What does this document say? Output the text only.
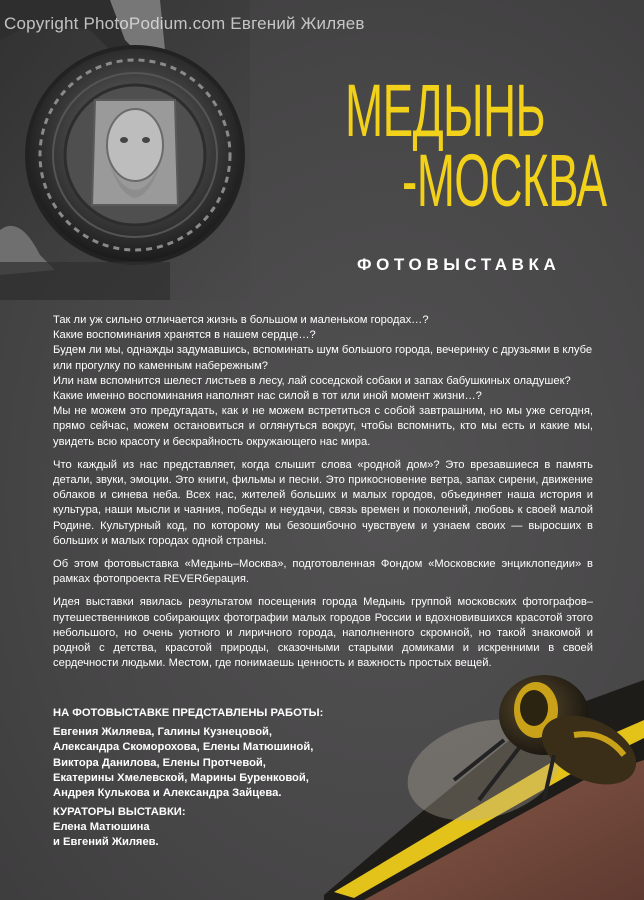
Copyright PhotoPodium.com Евгений Жиляев
МЕДЫНЬ
-МОСКВА
ФОТОВЫСТАВКА

Так ли уж сильно отличается жизнь в большом и маленьком городах…?

Какие воспоминания хранятся в нашем сердце…?

Будем ли мы, однажды задумавшись, вспоминать шум большого города, вечеринку с друзьями в клубе или прогулку по каменным набережным?

Или нам вспомнится шелест листьев в лесу, лай соседской собаки и запах бабушкиных оладушек?

Какие именно воспоминания наполнят нас силой в тот или иной момент жизни…?

Мы не можем это предугадать, как и не можем встретиться с собой завтрашним, но мы уже сегодня, прямо сейчас, можем остановиться и оглянуться вокруг, чтобы вспомнить, кто мы есть и какие мы, увидеть всю красоту и бескрайность окружающего нас мира.

Что каждый из нас представляет, когда слышит слова «родной дом»? Это врезавшиеся в память детали, звуки, эмоции. Это книги, фильмы и песни. Это прикосновение ветра, запах сирени, движение облаков и синева неба. Всех нас, жителей больших и малых городов, объединяет наша история и культура, наши мысли и чаяния, победы и неудачи, связь времен и поколений, любовь к своей малой Родине. Культурный код, по которому мы безошибочно чувствуем и узнаем своих — выросших в больших и малых городах одной страны.

Об этом фотовыставка «Медынь–Москва», подготовленная Фондом «Московские энциклопедии» в рамках фотопроекта REVERберация.

Идея выставки явилась результатом посещения города Медынь группой московских фотографов–путешественников собирающих фотографии малых городов России и вдохновившихся красотой этого небольшого, но очень уютного и лиричного города, наполненного скромной, но такой знакомой и родной с детства, красотой природы, сказочными старыми домиками и искренними в своей сердечности людьми. Местом, где понимаешь ценность и важность простых вещей.

НА ФОТОВЫСТАВКЕ ПРЕДСТАВЛЕНЫ РАБОТЫ:
Евгения Жиляева, Галины Кузнецовой,
Александра Скоморохова, Елены Матюшиной,
Виктора Данилова, Елены Протчевой,
Екатерины Хмелевской, Марины Буренковой,
Андрея Кулькова и Александра Зайцева.
КУРАТОРЫ ВЫСТАВКИ:
Елена Матюшина
и Евгений Жиляев.
